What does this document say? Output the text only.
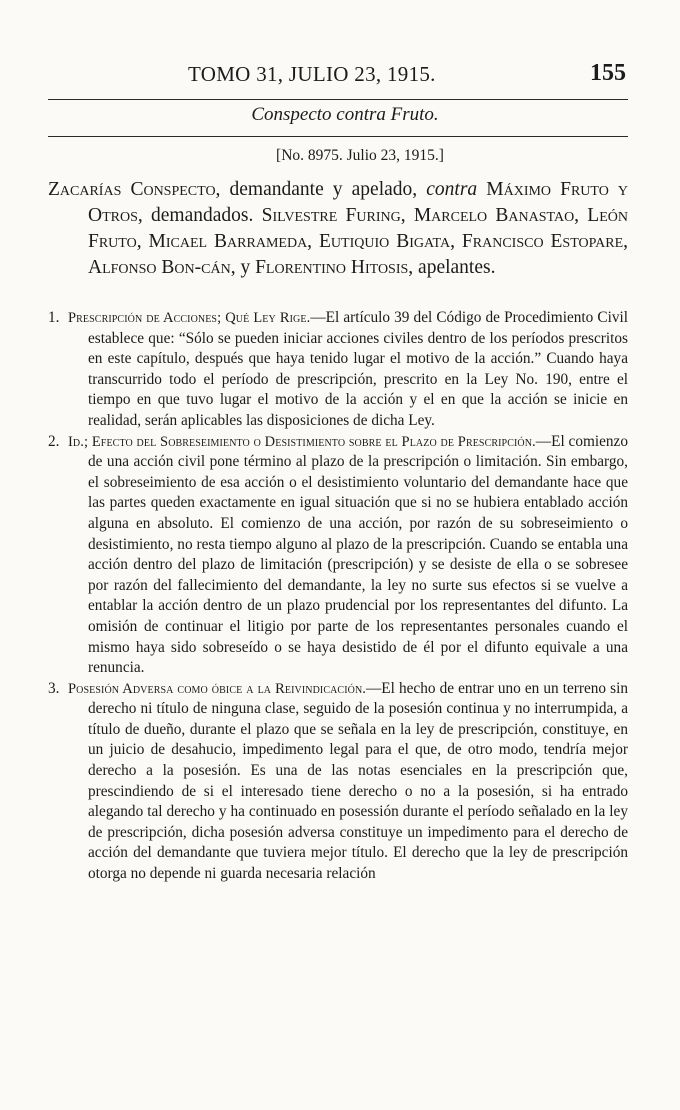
TOMO 31, JULIO 23, 1915.	155
Conspecto contra Fruto.
[No. 8975. Julio 23, 1915.]
Zacarías Conspecto, demandante y apelado, contra Máximo Fruto y Otros, demandados. Silvestre Furing, Marcelo Banastao, León Fruto, Micael Barrameda, Eutiquio Bigata, Francisco Estopare, Alfonso Bon-cán, y Florentino Hitosis, apelantes.
1. Prescripción de Acciones; Qué Ley Rige.—El artículo 39 del Código de Procedimiento Civil establece que: “Sólo se pueden iniciar acciones civiles dentro de los períodos prescritos en este capítulo, después que haya tenido lugar el motivo de la acción.” Cuando haya transcurrido todo el período de prescripción, prescrito en la Ley No. 190, entre el tiempo en que tuvo lugar el motivo de la acción y el en que la acción se inicie en realidad, serán aplicables las disposiciones de dicha Ley.
2. Id.; Efecto del Sobreseimiento o Desistimiento sobre el Plazo de Prescripción.—El comienzo de una acción civil pone término al plazo de la prescripción o limitación. Sin embargo, el sobreseimiento de esa acción o el desistimiento voluntario del demandante hace que las partes queden exactamente en igual situación que si no se hubiera entablado acción alguna en absoluto. El comienzo de una acción, por razón de su sobreseimiento o desistimiento, no resta tiempo alguno al plazo de la prescripción. Cuando se entabla una acción dentro del plazo de limitación (prescripción) y se desiste de ella o se sobresee por razón del fallecimiento del demandante, la ley no surte sus efectos si se vuelve a entablar la acción dentro de un plazo prudencial por los representantes del difunto. La omisión de continuar el litigio por parte de los representantes personales cuando el mismo haya sido sobreseído o se haya desistido de él por el difunto equivale a una renuncia.
3. Posesión Adversa como óbice a la Reivindicación.—El hecho de entrar uno en un terreno sin derecho ni título de ninguna clase, seguido de la posesión continua y no interrumpida, a título de dueño, durante el plazo que se señala en la ley de prescripción, constituye, en un juicio de desahucio, impedimento legal para el que, de otro modo, tendría mejor derecho a la posesión. Es una de las notas esenciales en la prescripción que, prescindiendo de si el interesado tiene derecho o no a la posesión, si ha entrado alegando tal derecho y ha continuado en posessión durante el período señalado en la ley de prescripción, dicha posesión adversa constituye un impedimento para el derecho de acción del demandante que tuviera mejor título. El derecho que la ley de prescripción otorga no depende ni guarda necesaria relación
